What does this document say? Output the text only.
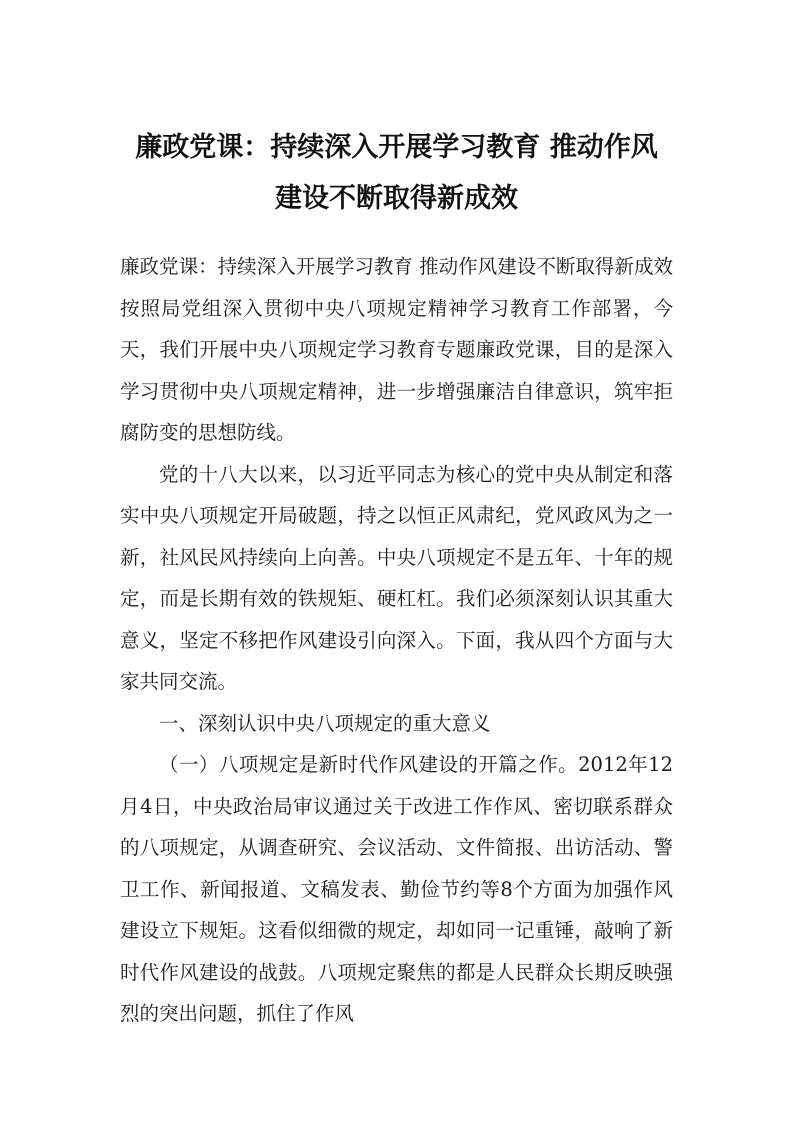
廉政党课：持续深入开展学习教育 推动作风
建设不断取得新成效

廉政党课：持续深入开展学习教育 推动作风建设不断取得新成效　　按照局党组深入贯彻中央八项规定精神学习教育工作部署，今天，我们开展中央八项规定学习教育专题廉政党课，目的是深入学习贯彻中央八项规定精神，进一步增强廉洁自律意识，筑牢拒腐防变的思想防线。

党的十八大以来，以习近平同志为核心的党中央从制定和落实中央八项规定开局破题，持之以恒正风肃纪，党风政风为之一新，社风民风持续向上向善。中央八项规定不是五年、十年的规定，而是长期有效的铁规矩、硬杠杠。我们必须深刻认识其重大意义，坚定不移把作风建设引向深入。下面，我从四个方面与大家共同交流。

一、深刻认识中央八项规定的重大意义

（一）八项规定是新时代作风建设的开篇之作。2012年12月4日，中央政治局审议通过关于改进工作作风、密切联系群众的八项规定，从调查研究、会议活动、文件简报、出访活动、警卫工作、新闻报道、文稿发表、勤俭节约等8个方面为加强作风建设立下规矩。这看似细微的规定，却如同一记重锤，敲响了新时代作风建设的战鼓。八项规定聚焦的都是人民群众长期反映强烈的突出问题，抓住了作风
